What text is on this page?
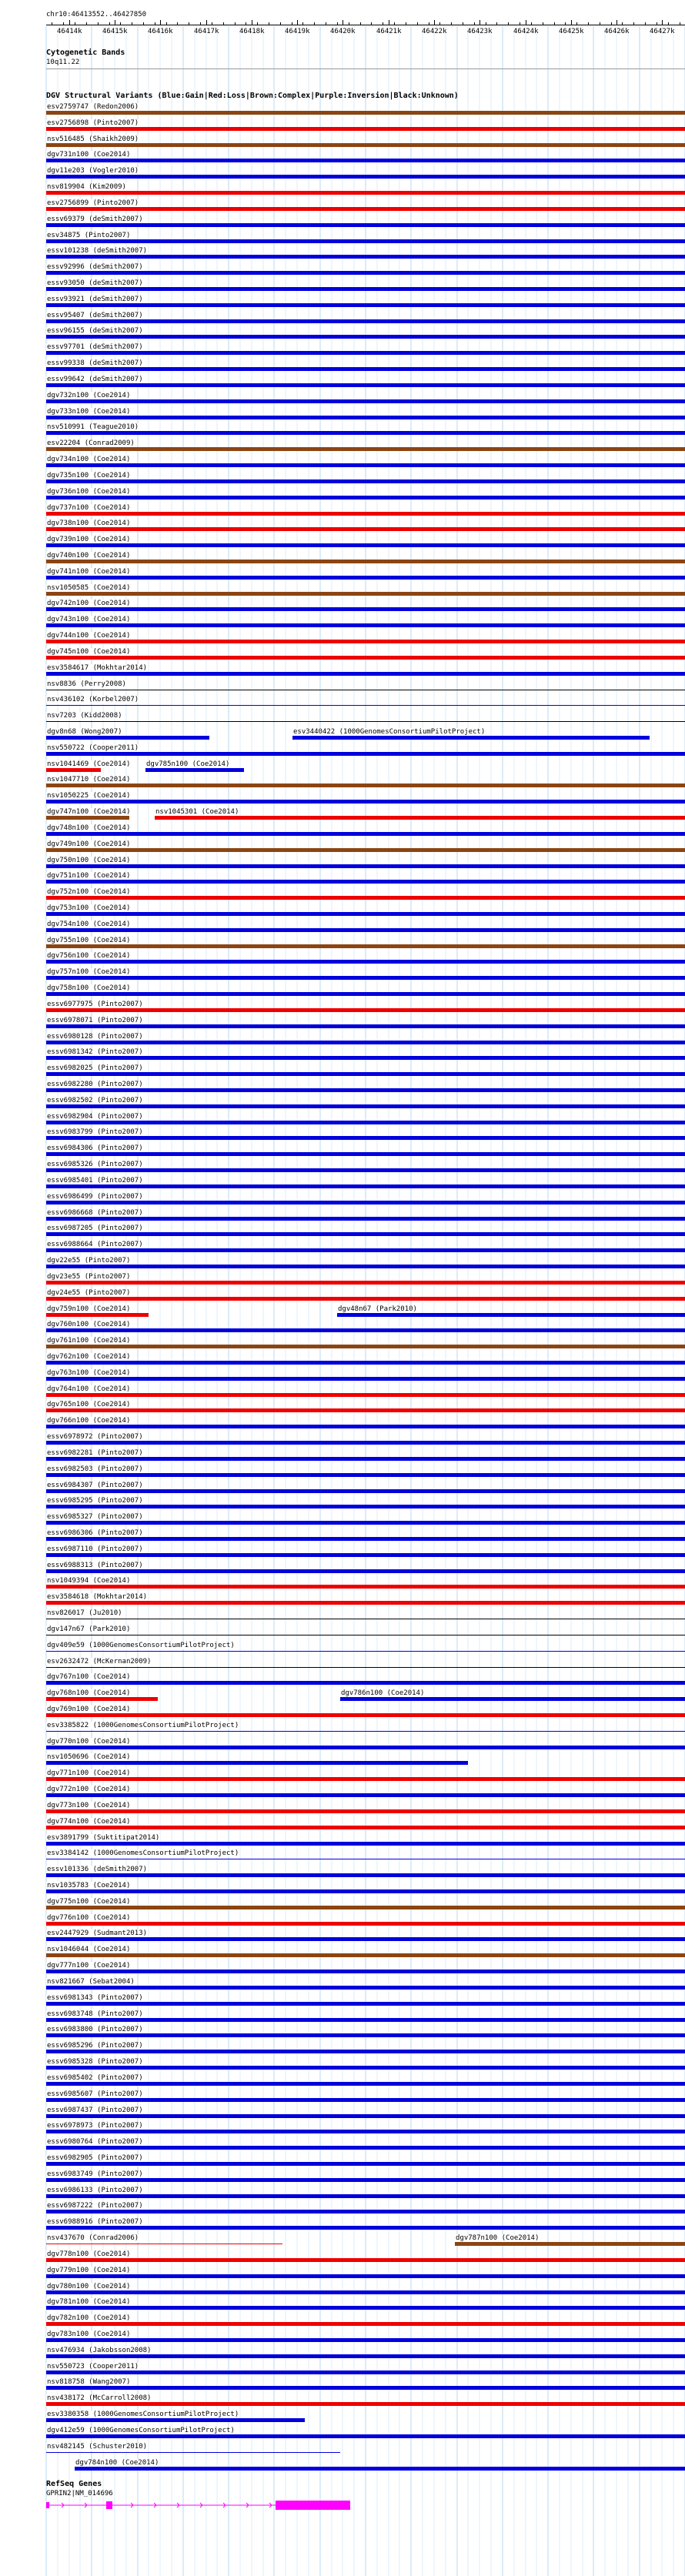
chr10:46413552..46427850
46414k	46415k	46416k	46417k	46418k	46419k	46420k	46421k	46422k	46423k	46424k	46425k	46426k	46427k
Cytogenetic Bands
10q11.22
DGV Structural Variants (Blue:Gain|Red:Loss|Brown:Complex|Purple:Inversion|Black:Unknown)
esv2759747 (Redon2006)
esv2756898 (Pinto2007)
nsv516485 (Shaikh2009)
dgv731n100 (Coe2014)
dgv11e203 (Vogler2010)
nsv819904 (Kim2009)
esv2756899 (Pinto2007)
essv69379 (deSmith2007)
esv34875 (Pinto2007)
essv101238 (deSmith2007)
essv92996 (deSmith2007)
essv93050 (deSmith2007)
essv93921 (deSmith2007)
essv95407 (deSmith2007)
essv96155 (deSmith2007)
essv97701 (deSmith2007)
essv99338 (deSmith2007)
essv99642 (deSmith2007)
dgv732n100 (Coe2014)
dgv733n100 (Coe2014)
nsv510991 (Teague2010)
esv22204 (Conrad2009)
dgv734n100 (Coe2014)
dgv735n100 (Coe2014)
dgv736n100 (Coe2014)
dgv737n100 (Coe2014)
dgv738n100 (Coe2014)
dgv739n100 (Coe2014)
dgv740n100 (Coe2014)
dgv741n100 (Coe2014)
nsv1050585 (Coe2014)
dgv742n100 (Coe2014)
dgv743n100 (Coe2014)
dgv744n100 (Coe2014)
dgv745n100 (Coe2014)
esv3584617 (Mokhtar2014)
nsv8836 (Perry2008)
nsv436102 (Korbel2007)
nsv7203 (Kidd2008)
dgv8n68 (Wong2007)	esv3440422 (1000GenomesConsortiumPilotProject)
nsv550722 (Cooper2011)
nsv1041469 (Coe2014) dgv785n100 (Coe2014)
nsv1047710 (Coe2014)
nsv1050225 (Coe2014)
dgv747n100 (Coe2014)	nsv1045301 (Coe2014)
dgv748n100 (Coe2014)
dgv749n100 (Coe2014)
dgv750n100 (Coe2014)
dgv751n100 (Coe2014)
dgv752n100 (Coe2014)
dgv753n100 (Coe2014)
dgv754n100 (Coe2014)
dgv755n100 (Coe2014)
dgv756n100 (Coe2014)
dgv757n100 (Coe2014)
dgv758n100 (Coe2014)
essv6977975 (Pinto2007)
essv6978071 (Pinto2007)
essv6980128 (Pinto2007)
essv6981342 (Pinto2007)
essv6982025 (Pinto2007)
essv6982280 (Pinto2007)
essv6982502 (Pinto2007)
essv6982904 (Pinto2007)
essv6983799 (Pinto2007)
essv6984306 (Pinto2007)
essv6985326 (Pinto2007)
essv6985401 (Pinto2007)
essv6986499 (Pinto2007)
essv6986668 (Pinto2007)
essv6987205 (Pinto2007)
essv6988664 (Pinto2007)
dgv22e55 (Pinto2007)
dgv23e55 (Pinto2007)
dgv24e55 (Pinto2007)
dgv759n100 (Coe2014)	dgv48n67 (Park2010)
dgv760n100 (Coe2014)
dgv761n100 (Coe2014)
dgv762n100 (Coe2014)
dgv763n100 (Coe2014)
dgv764n100 (Coe2014)
dgv765n100 (Coe2014)
dgv766n100 (Coe2014)
essv6978972 (Pinto2007)
essv6982281 (Pinto2007)
essv6982503 (Pinto2007)
essv6984307 (Pinto2007)
essv6985295 (Pinto2007)
essv6985327 (Pinto2007)
essv6986306 (Pinto2007)
essv6987110 (Pinto2007)
essv6988313 (Pinto2007)
nsv1049394 (Coe2014)
esv3584618 (Mokhtar2014)
nsv826017 (Ju2010)
dgv147n67 (Park2010)
dgv409e59 (1000GenomesConsortiumPilotProject)
esv2632472 (McKernan2009)
dgv767n100 (Coe2014)
dgv768n100 (Coe2014)	dgv786n100 (Coe2014)
dgv769n100 (Coe2014)
esv3385822 (1000GenomesConsortiumPilotProject)
dgv770n100 (Coe2014)
nsv1050696 (Coe2014)
dgv771n100 (Coe2014)
dgv772n100 (Coe2014)
dgv773n100 (Coe2014)
dgv774n100 (Coe2014)
esv3891799 (Suktitipat2014)
esv3384142 (1000GenomesConsortiumPilotProject)
essv101336 (deSmith2007)
nsv1035783 (Coe2014)
dgv775n100 (Coe2014)
dgv776n100 (Coe2014)
esv2447929 (Sudmant2013)
nsv1046044 (Coe2014)
dgv777n100 (Coe2014)
nsv821667 (Sebat2004)
essv6981343 (Pinto2007)
essv6983748 (Pinto2007)
essv6983800 (Pinto2007)
essv6985296 (Pinto2007)
essv6985328 (Pinto2007)
essv6985402 (Pinto2007)
essv6985607 (Pinto2007)
essv6987437 (Pinto2007)
essv6978973 (Pinto2007)
essv6980764 (Pinto2007)
essv6982905 (Pinto2007)
essv6983749 (Pinto2007)
essv6986133 (Pinto2007)
essv6987222 (Pinto2007)
essv6988916 (Pinto2007)
nsv437670 (Conrad2006)	dgv787n100 (Coe2014)
dgv778n100 (Coe2014)
dgv779n100 (Coe2014)
dgv780n100 (Coe2014)
dgv781n100 (Coe2014)
dgv782n100 (Coe2014)
dgv783n100 (Coe2014)
nsv476934 (Jakobsson2008)
nsv550723 (Cooper2011)
nsv818758 (Wang2007)
nsv438172 (McCarroll2008)
esv3380358 (1000GenomesConsortiumPilotProject)
dgv412e59 (1000GenomesConsortiumPilotProject)
nsv482145 (Schuster2010)
dgv784n100 (Coe2014)
RefSeq Genes
GPRIN2|NM_014696
